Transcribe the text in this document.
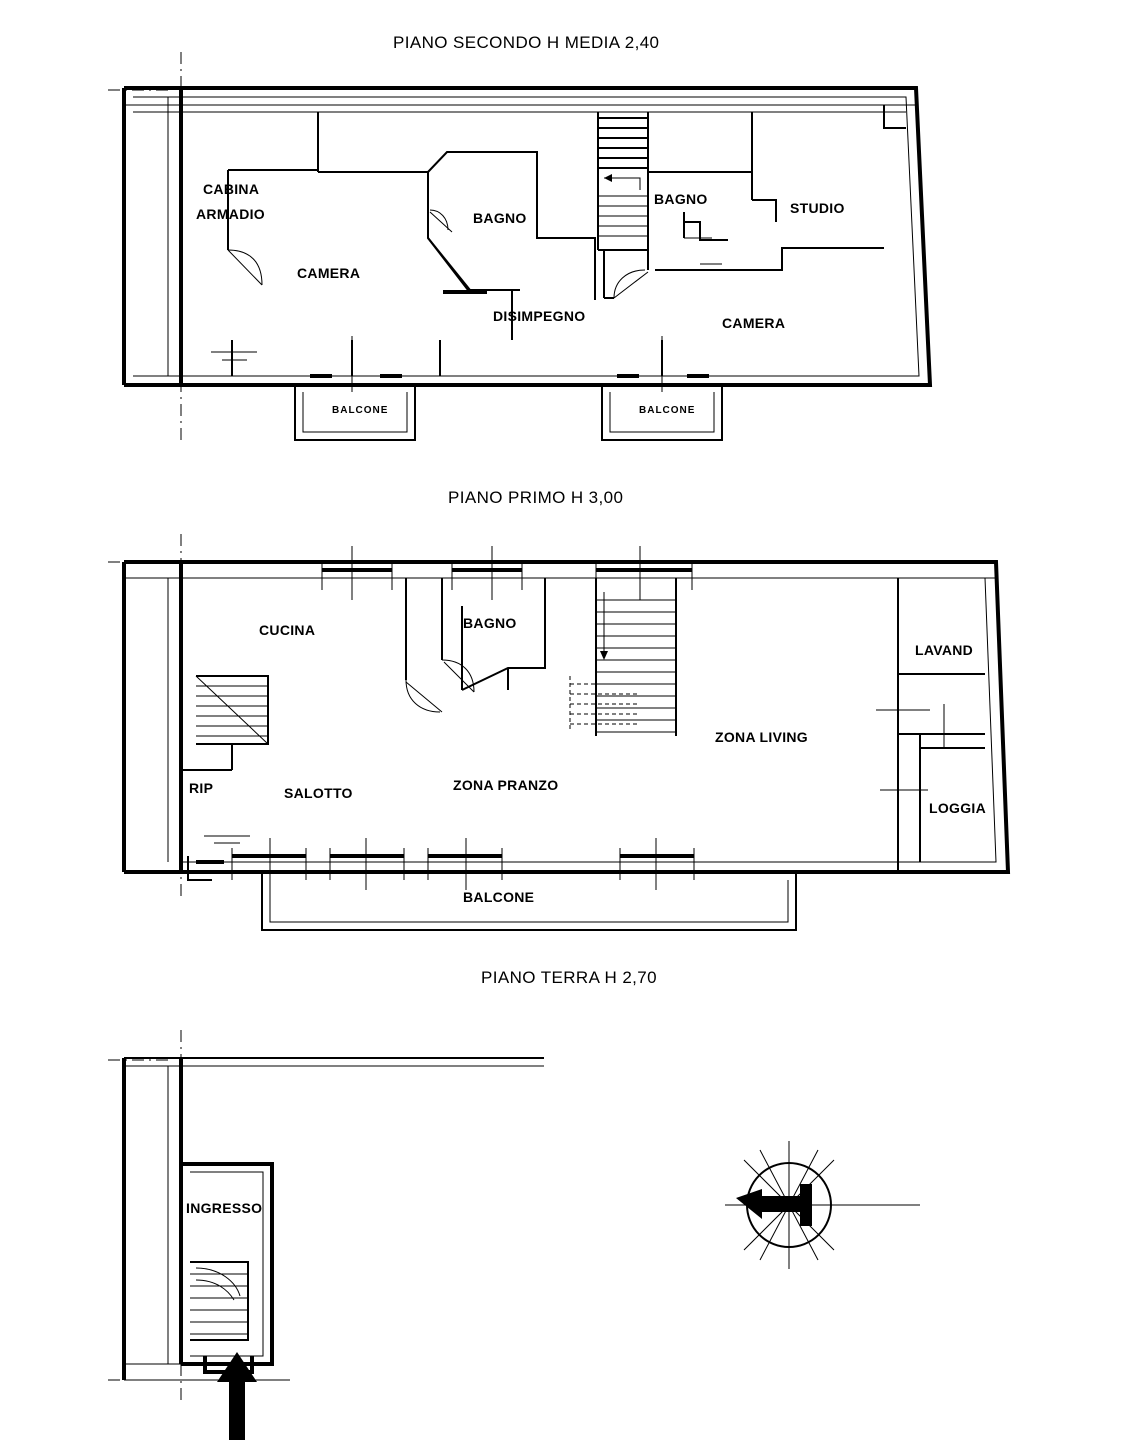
PIANO SECONDO H MEDIA 2,40
PIANO PRIMO H 3,00
PIANO TERRA H 2,70
CABINA
ARMADIO
CAMERA
BAGNO
DISIMPEGNO
BAGNO
STUDIO
CAMERA
BALCONE	BALCONE
CUCINA	BAGNO
RIP	SALOTTO	ZONA PRANZO
ZONA LIVING
LAVAND
LOGGIA
BALCONE
INGRESSO
